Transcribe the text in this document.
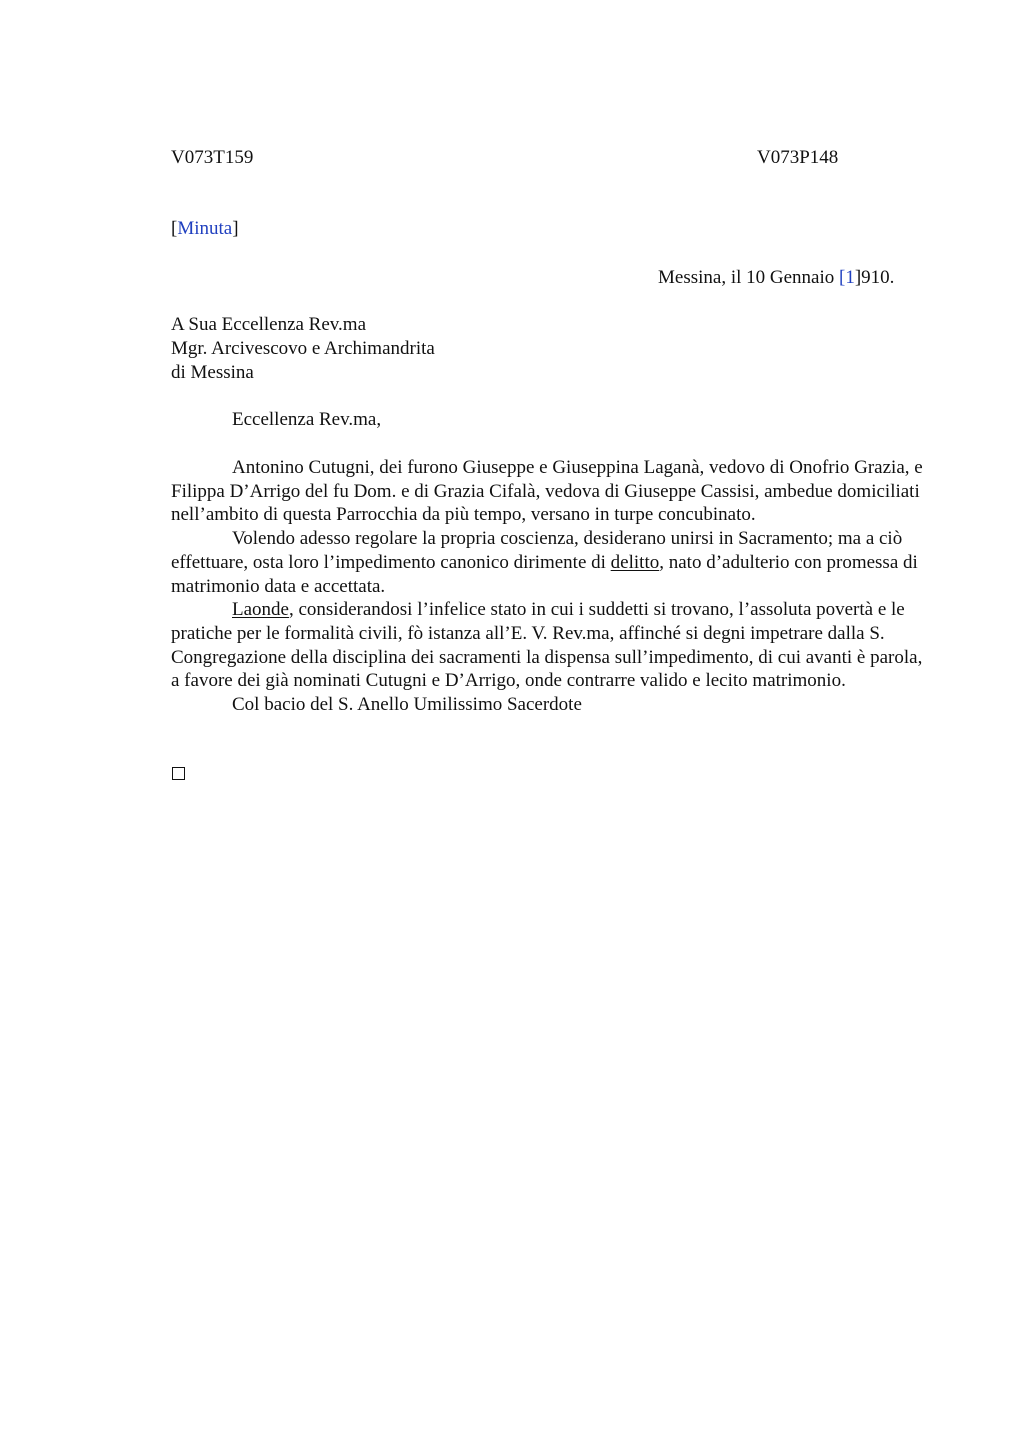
V073T159	V073P148
[Minuta]
Messina, il 10 Gennaio [1]910.
A Sua Eccellenza Rev.ma
Mgr. Arcivescovo e Archimandrita
di Messina
Eccellenza Rev.ma,

Antonino Cutugni, dei furono Giuseppe e Giuseppina Laganà, vedovo di Onofrio Grazia, e Filippa D’Arrigo del fu Dom. e di Grazia Cifalà, vedova di Giuseppe Cassisi, ambedue domiciliati nell’ambito di questa Parrocchia da più tempo, versano in turpe concubinato.

Volendo adesso regolare la propria coscienza, desiderano unirsi in Sacramento; ma a ciò effettuare, osta loro l’impedimento canonico dirimente di delitto, nato d’adulterio con promessa di matrimonio data e accettata.

Laonde, considerandosi l’infelice stato in cui i suddetti si trovano, l’assoluta povertà e le pratiche per le formalità civili, fò istanza all’E. V. Rev.ma, affinché si degni impetrare dalla S. Congregazione della disciplina dei sacramenti la dispensa sull’impedimento, di cui avanti è parola, a favore dei già nominati Cutugni e D’Arrigo, onde contrarre valido e lecito matrimonio.

Col bacio del S. Anello Umilissimo Sacerdote
